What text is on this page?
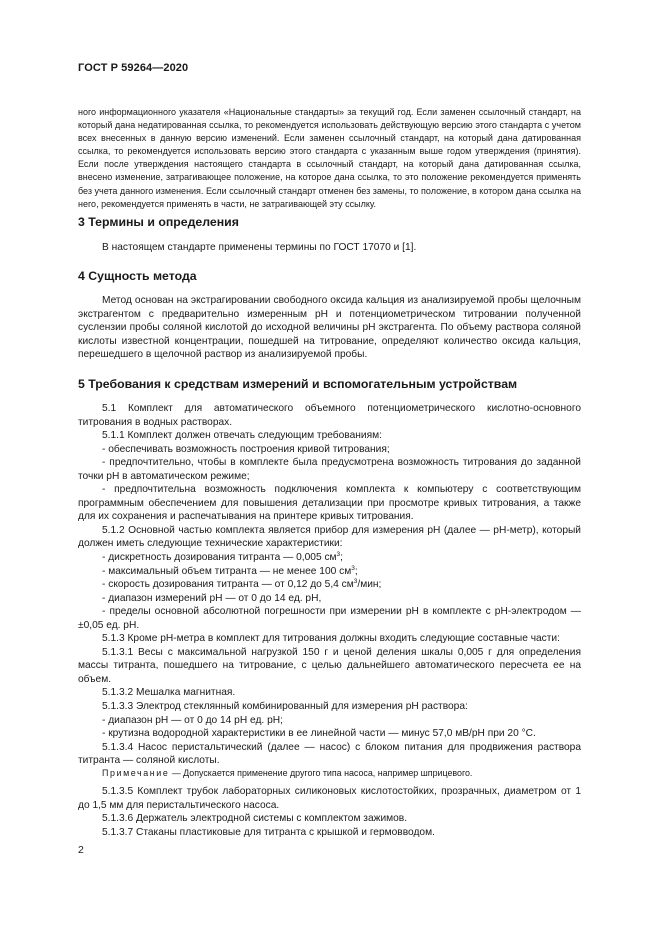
ГОСТ Р 59264—2020

ного информационного указателя «Национальные стандарты» за текущий год. Если заменен ссылочный стандарт, на который дана недатированная ссылка, то рекомендуется использовать действующую версию этого стандарта с учетом всех внесенных в данную версию изменений. Если заменен ссылочный стандарт, на который дана датированная ссылка, то рекомендуется использовать версию этого стандарта с указанным выше годом утверждения (принятия). Если после утверждения настоящего стандарта в ссылочный стандарт, на который дана датированная ссылка, внесено изменение, затрагивающее положение, на которое дана ссылка, то это положение рекомендуется применять без учета данного изменения. Если ссылочный стандарт отменен без замены, то положение, в котором дана ссылка на него, рекомендуется применять в части, не затрагивающей эту ссылку.

3 Термины и определения

В настоящем стандарте применены термины по ГОСТ 17070 и [1].

4 Сущность метода

Метод основан на экстрагировании свободного оксида кальция из анализируемой пробы щелочным экстрагентом с предварительно измеренным рН и потенциометрическом титровании полученной суслензии пробы соляной кислотой до исходной величины рН экстрагента. По объему раствора соляной кислоты известной концентрации, пошедшей на титрование, определяют количество оксида кальция, перешедшего в щелочной раствор из анализируемой пробы.

5 Требования к средствам измерений и вспомогательным устройствам

5.1 Комплект для автоматического объемного потенциометрического кислотно-основного титрования в водных растворах.

5.1.1 Комплект должен отвечать следующим требованиям:

- обеспечивать возможность построения кривой титрования;

- предпочтительно, чтобы в комплекте была предусмотрена возможность титрования до заданной точки рН в автоматическом режиме;

- предпочтительна возможность подключения комплекта к компьютеру с соответствующим программным обеспечением для повышения детализации при просмотре кривых титрования, а также для их сохранения и распечатывания на принтере кривых титрования.

5.1.2 Основной частью комплекта является прибор для измерения рН (далее — рН-метр), который должен иметь следующие технические характеристики:

- дискретность дозирования титранта — 0,005 $см^3$;

- максимальный объем титранта — не менее 100 $см^3$;

- скорость дозирования титранта — от 0,12 до 5,4 $см^3$/мин;

- диапазон измерений рН — от 0 до 14 ед. рН,

- пределы основной абсолютной погрешности при измерении рН в комплекте с рН-электродом — ±0,05 ед. рН.

5.1.3 Кроме рН-метра в комплект для титрования должны входить следующие составные части:

5.1.3.1 Весы с максимальной нагрузкой 150 г и ценой деления шкалы 0,005 г для определения массы титранта, пошедшего на титрование, с целью дальнейшего автоматического пересчета ее на объем.

5.1.3.2 Мешалка магнитная.

5.1.3.3 Электрод стеклянный комбинированный для измерения рН раствора:

- диапазон рН — от 0 до 14 рН ед. рН;

- крутизна водородной характеристики в ее линейной части — минус 57,0 мВ/рН при 20 °С.

5.1.3.4 Насос перистальтический (далее — насос) с блоком питания для продвижения раствора титранта — соляной кислоты.

Примечание — Допускается применение другого типа насоса, например шприцевого.

5.1.3.5 Комплект трубок лабораторных силиконовых кислотостойких, прозрачных, диаметром от 1 до 1,5 мм для перистальтического насоса.

5.1.3.6 Держатель электродной системы с комплектом зажимов.

5.1.3.7 Стаканы пластиковые для титранта с крышкой и гермовводом.

2
